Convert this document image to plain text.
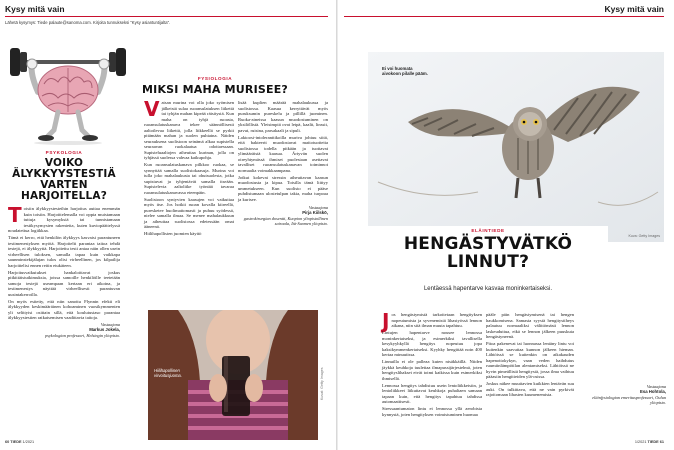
Kysy mitä vain
Lähetä kysymys: Tiede palaute@sanoma.com. Kirjoita tunnukseksi "Kysy asiantuntijalta".
PSYKOLOGIA
VOIKO ÄLYKKYYSTESTIÄ VARTEN HARJOITELLA?

Toisiin älykkyystesteihin harjoitus auttaa enemmän kuin toisiin. Harjoittelemalla voi oppia muistamaan tuttuja kysymyksiä tai tunnistamaan testikysymysten rakenteita, kuten kuviopäättelyssä noudatettua logiikkaa.

Tämä ei kerro, että henkilön älykkyys kasvaisi parantuneen testimenestyksen myötä. Harjoitelti parantaa taitoa tehdä testejä, ei älykkyyttä. Harjoitettu testi antaa näin ollen usein virheellisen tuloksen, samalla tapaa kuin vaikkapa saunminstekijälajan tulos olisi virheellinen, jos kilpailija harjoittelisi ennen reitin etukäteen.

Harjoitusvaikutukset hankaloittavat joskus pitkittäistutkimuksia, joissa samoille henkilöille teetetään samoja testejä useampaan kertaan eri aikoina, ja testimenestys näyttää virheellisesti parantuvan uusintakerroilla.

On myös esitetty, että niin sanottu Flynnin efekti eli älykkyyden keskimääräinen kohoaminen vuosikymmenten yli selittyisi osittain sillä, että koulutustaso parantaa älykkyystestien ratkaisemisen vaadittavia taitoja.

Vastaajana
Markus Jokela,
psykologian professori, Helsingin yliopisto.
FYSIOLOGIA
MIKSI MAHA MURISEE?

Vatsan murina voi olla joko syömisen jälkeistä sulaa ruoansulatuksen liikettä tai tyhjän mahan kipeää rätsitystä. Kun maha on tyhjä ruoasta, ruoansulatuskanava tekee säännöllisesti aaltoilevaa liikettä, jolla liikkeellä se pyrkii pitämään mahan ja suolen puhtaina. Näiden seurauksena suolistoon seinämä alkaa supistella seuraavan ruokalaatua odottaessaan. Supisteluaaltojen aiheuttaa kurinan, jolla on tyhjässä suolessa vahvaa kaikupohja.

Kun ruoansulatuskanava pilkkoo ruokaa, se synnyttää samalla suolistokaasuja. Murina voi tulla joko mahalaukusta tai ohutsuolesta, jotka supistuvat ja tyhjentävät samalla itseään. Supistelevia aaltoliike työntää tavaraa ruoansulatuskanavassa eteenpäin.

Suolistoon syntyvien kaasujen voi vaikuttaa myös itse. Jos hotkii ruoan kovalla kiireellä, puresketee huolimattomasti ja puhuu syödessä, nielee samalla ilmaa. Se menee mahalaukkuun ja aiheuttaa suolistossa edetessään omat ääneenä.

Hiilihapollisten juomien käyttö

lisää kuplien määrää mahalaukussa ja suolistossa. Kaasua kerryttävät myös puruksumin pureskelu ja pillillä juominen. Ruoka-aineissa kaasun muodostuminen on yksilöllistä. Yleisimpiä ovat leipä, kaalit, linssit, pavut, ruisina, parsakaali ja sipuli.

Laktoosi-intoleranttikoilla muriva johtuu siitä, että bakteerit muodostavat maitotuotteita suolistossa todella pitkään ja tuottavat ylimääräistä kaasua. Ärtyvän suolen oireyhtymässä ihmiset puolestaan asettavat tavalliset ruoansulatuskanavan toiminnot normaalia voimakkaampana.

Jotkut kokevat stressin aiheuttavan kaasun muodostusta ja kipua. Toisilla tämä liittyy ummetukseen. Kun suolisto ei pääse puhdistumaan ulostetulpan takia, maha turpoaa ja kurisee.

Vastaajana
Pirja Kiilskö,
gastrokirurgian dosentti, Kuopion yliopistollinen sairaala, Itä-Suomen yliopisto.
Hiilihapollinen virvoitusjuoma.	Kuvat: Getty Images
60 TIEDE 1/2021
Kysy mitä vain
Ei voi huomata aivokoon pilalle pääm.
Kuva: Getty Images
ELÄINTIEDE
HENGÄSTYVÄTKÖ LINNUT?
Lentäessä hapentarve kasvaa moninkertaiseksi.

Jos hengästymistä tarkoitetaan hengityksen nopeutumista ja syvenemistä lihastyössä lennon aikana, niin sitä ilman muuta tapahtuu.

Lintujen hapentarve nousee lennossa moninkertaiseksi, ja esimerkiksi tavallisella kesykyyhkyllä hengitys nopeutuu jopa kaksikymmenkertaiseksi. Kyyhky hengittää noin 400 kertaa minuutissa.

Linnuilla ei ole palleaa kuten nisäkkäillä. Niiden jäykkä keuhkoja tuulettaa ilmapussijärjestelmä, joten hengityslihakset eivät toimi kaikissa kuin esimerkiksi ihmisellä.

Lennossa hengitys tahdistuu usein lentoliikkeisiin, ja lentoliikkeet liikuttavat keuhkoja puhaltaen samaan tapaan kuin, että hengitys tapahtuu tahdissa automaattisesti.

Stressaantumaton lintu ei lennossa yllä aerobista kynnystä, joten hengityksen voimistuminen huomaa

pääle päin hengästymisenä tai hengen haukkomisena. Samasta syystä hengitystiheys palautuu normaaliksi välittömästi lennon laskeuduttua, eikä se lennon jälkeen puuskuta hengästyneenä.

Pitoa pakenevat tai luonnassa lentäny lintu voi kuitenkin saavuttaa kunnon jälkeen hieman. Lähtöissä se kuitenkin on aikakauden hapenottokykyn, vaan veden haihdutus ruumiinlämpötilan alentamiseksi. Lähtöissä ne hyvin pimeällistä hengitystä, jossa ilma vaihtuu pääasiin hengitteiden ylä-osissa.

Joskus näkee muuttavien kuikkien lentävän suu auki. On tulkittava, että ne vain pyrkivät rajoitomaan lihasten kuumenemista.

Vastaajana
Esa Hohtola,
eläinfysiologian emeritusprofessori, Oulun yliopisto.
1/2021 TIEDE 61
